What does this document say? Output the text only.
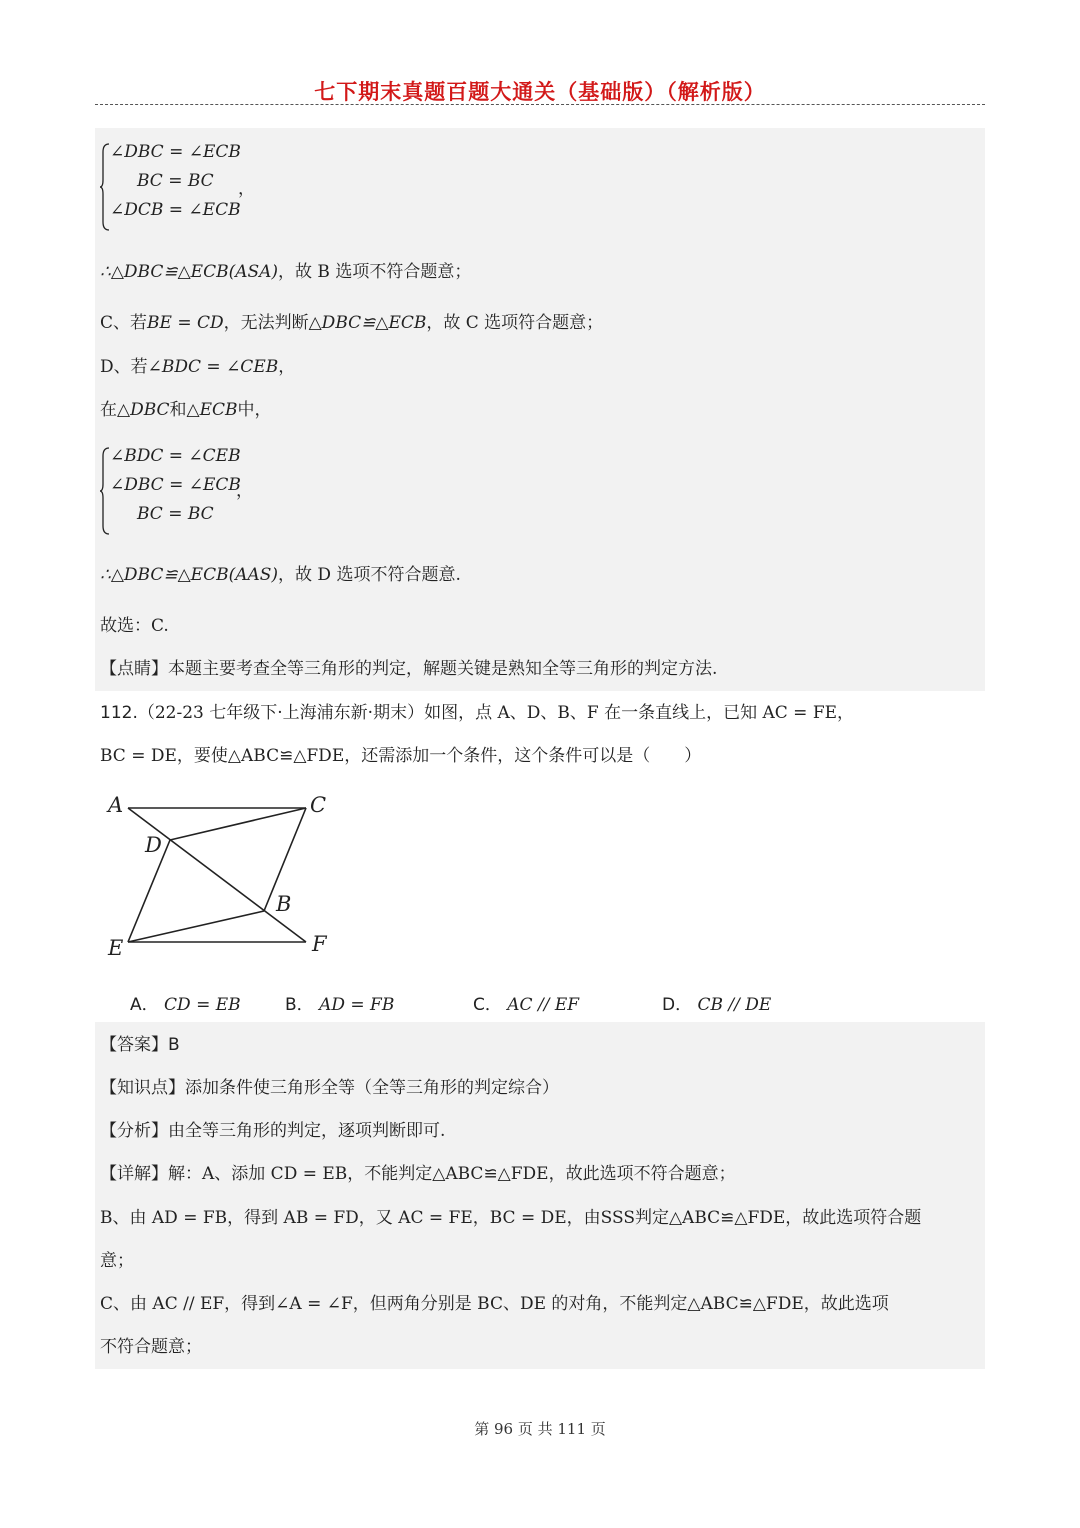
七下期末真题百题大通关（基础版）（解析版）
∠DBC = ∠ECB
BC = BC
∠DCB = ∠ECB
，
∴△DBC≌△ECB(ASA)，故 B 选项不符合题意；
C、若BE = CD，无法判断△DBC≌△ECB，故 C 选项符合题意；
D、若∠BDC = ∠CEB，
在△DBC和△ECB中，
∠BDC = ∠CEB
∠DBC = ∠ECB
BC = BC
，
∴△DBC≌△ECB(AAS)，故 D 选项不符合题意.
故选：C.
【点睛】本题主要考查全等三角形的判定，解题关键是熟知全等三角形的判定方法.
112.（22-23 七年级下·上海浦东新·期末）如图，点 A、D、B、F 在一条直线上，已知 AC = FE，
BC = DE，要使△ABC≌△FDE，还需添加一个条件，这个条件可以是（　　）
A	C
D
B
E	F
A． CD = EB	B． AD = FB	C． AC // EF	D． CB // DE
【答案】B
【知识点】添加条件使三角形全等（全等三角形的判定综合）
【分析】由全等三角形的判定，逐项判断即可.
【详解】解：A、添加 CD = EB，不能判定△ABC≌△FDE，故此选项不符合题意；
B、由 AD = FB，得到 AB = FD，又 AC = FE，BC = DE，由SSS判定△ABC≌△FDE，故此选项符合题
意；
C、由 AC // EF，得到∠A = ∠F，但两角分别是 BC、DE 的对角，不能判定△ABC≌△FDE，故此选项
不符合题意；
第 96 页 共 111 页
